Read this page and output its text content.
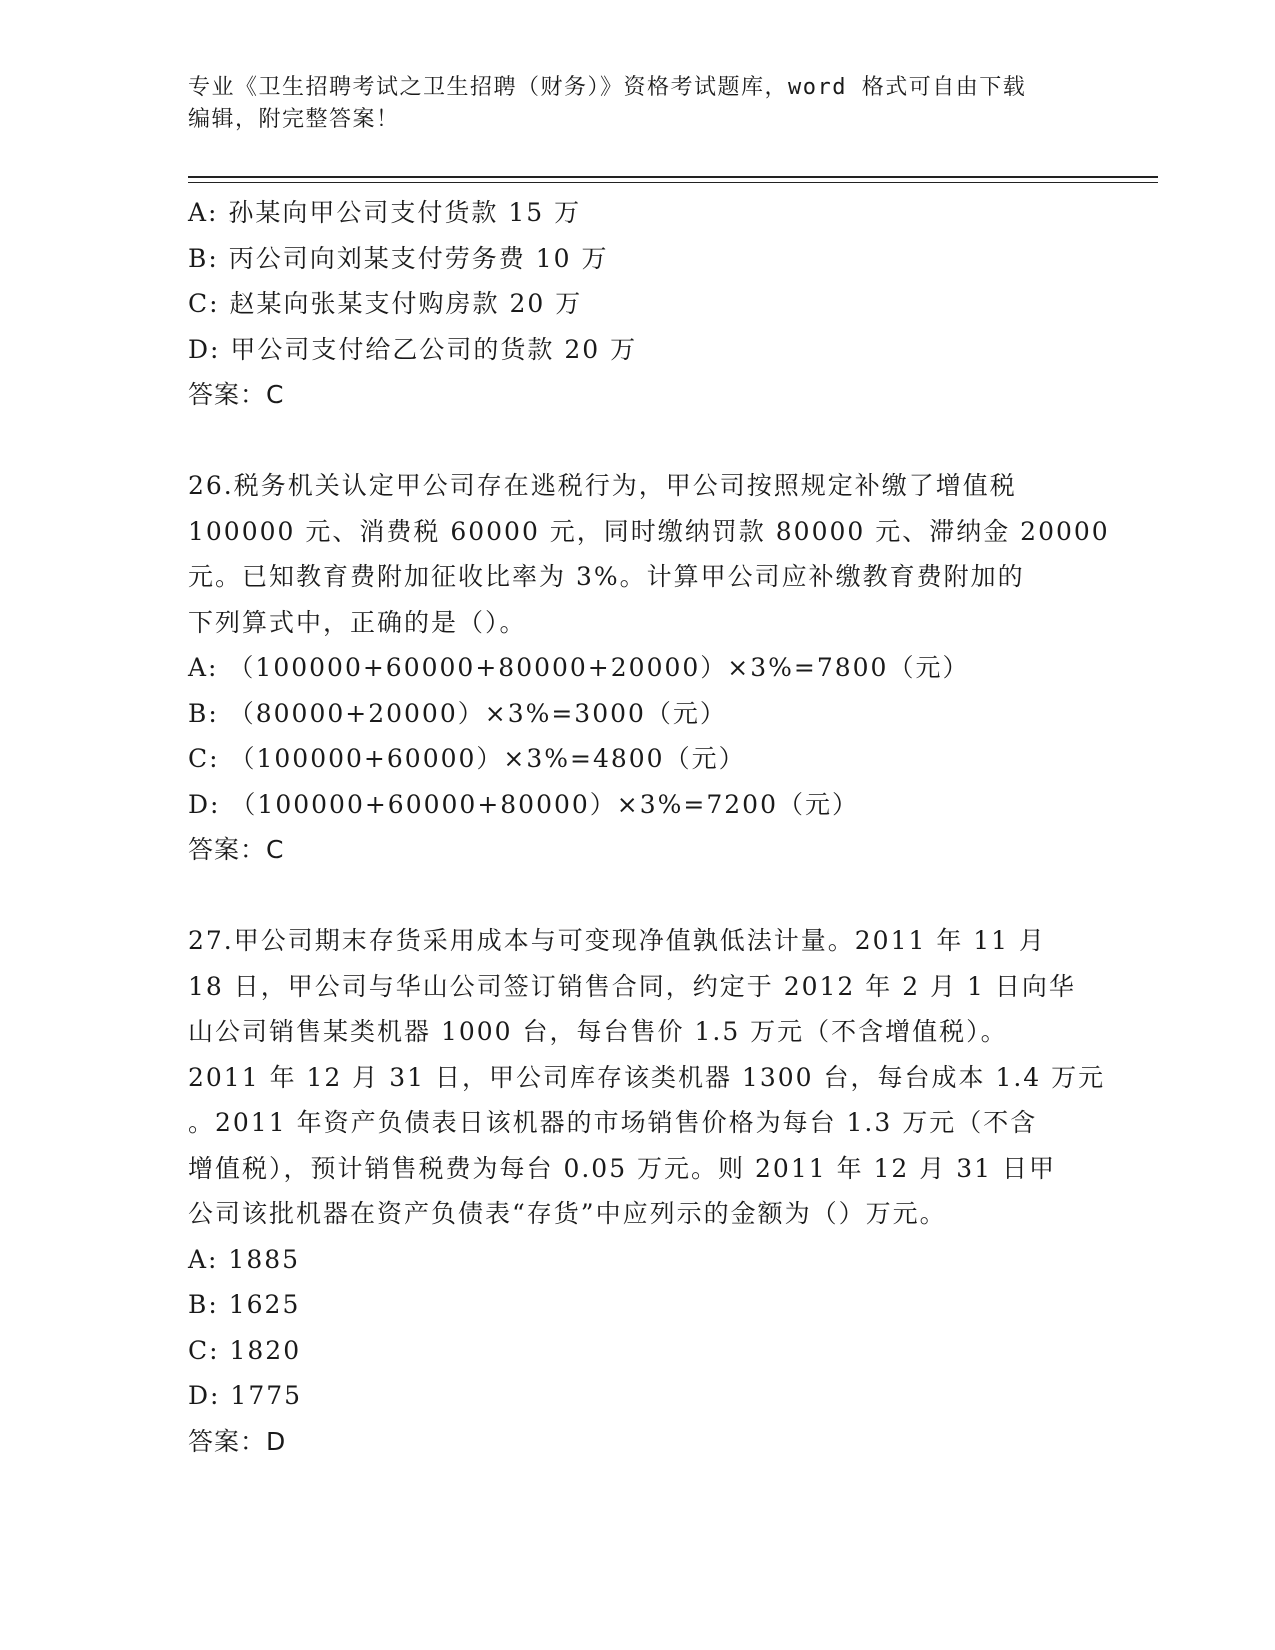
专业《卫生招聘考试之卫生招聘（财务）》资格考试题库，word 格式可自由下载
编辑，附完整答案！
A: 孙某向甲公司支付货款 15 万
B: 丙公司向刘某支付劳务费 10 万
C: 赵某向张某支付购房款 20 万
D: 甲公司支付给乙公司的货款 20 万
答案：C
26.税务机关认定甲公司存在逃税行为，甲公司按照规定补缴了增值税
100000 元、消费税 60000 元，同时缴纳罚款 80000 元、滞纳金 20000
元。已知教育费附加征收比率为 3%。计算甲公司应补缴教育费附加的
下列算式中，正确的是（）。
A: （100000+60000+80000+20000）×3%=7800（元）
B: （80000+20000）×3%=3000（元）
C: （100000+60000）×3%=4800（元）
D: （100000+60000+80000）×3%=7200（元）
答案：C
27.甲公司期末存货采用成本与可变现净值孰低法计量。2011 年 11 月
18 日，甲公司与华山公司签订销售合同，约定于 2012 年 2 月 1 日向华
山公司销售某类机器 1000 台，每台售价 1.5 万元（不含增值税）。
2011 年 12 月 31 日，甲公司库存该类机器 1300 台，每台成本 1.4 万元
。2011 年资产负债表日该机器的市场销售价格为每台 1.3 万元（不含
增值税），预计销售税费为每台 0.05 万元。则 2011 年 12 月 31 日甲
公司该批机器在资产负债表“存货”中应列示的金额为（）万元。
A: 1885
B: 1625
C: 1820
D: 1775
答案：D
